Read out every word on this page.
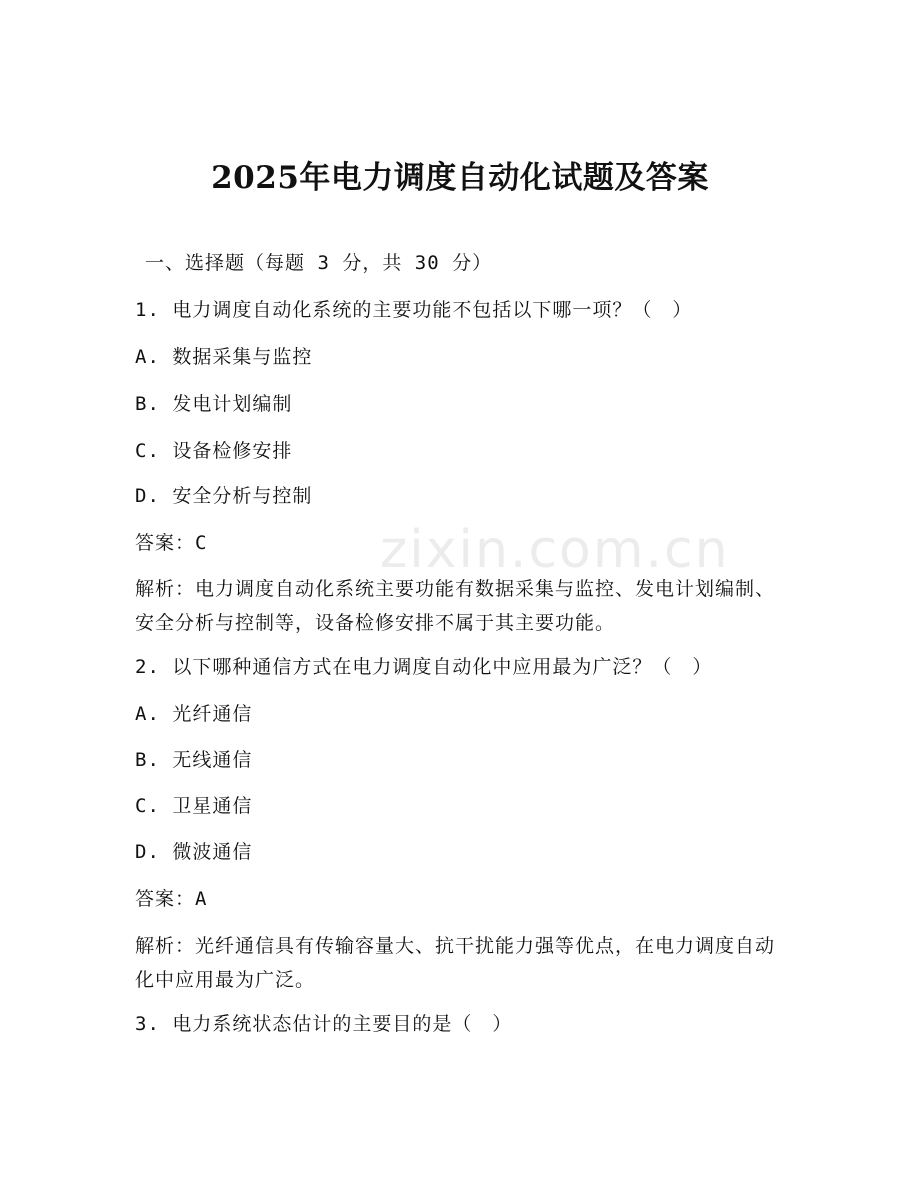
zixin.com.cn
2025年电力调度自动化试题及答案
一、选择题（每题 3 分，共 30 分）
1. 电力调度自动化系统的主要功能不包括以下哪一项？（　）
A. 数据采集与监控
B. 发电计划编制
C. 设备检修安排
D. 安全分析与控制
答案：C
解析：电力调度自动化系统主要功能有数据采集与监控、发电计划编制、安全分析与控制等，设备检修安排不属于其主要功能。
2. 以下哪种通信方式在电力调度自动化中应用最为广泛？（　）
A. 光纤通信
B. 无线通信
C. 卫星通信
D. 微波通信
答案：A
解析：光纤通信具有传输容量大、抗干扰能力强等优点，在电力调度自动化中应用最为广泛。
3. 电力系统状态估计的主要目的是（　）
